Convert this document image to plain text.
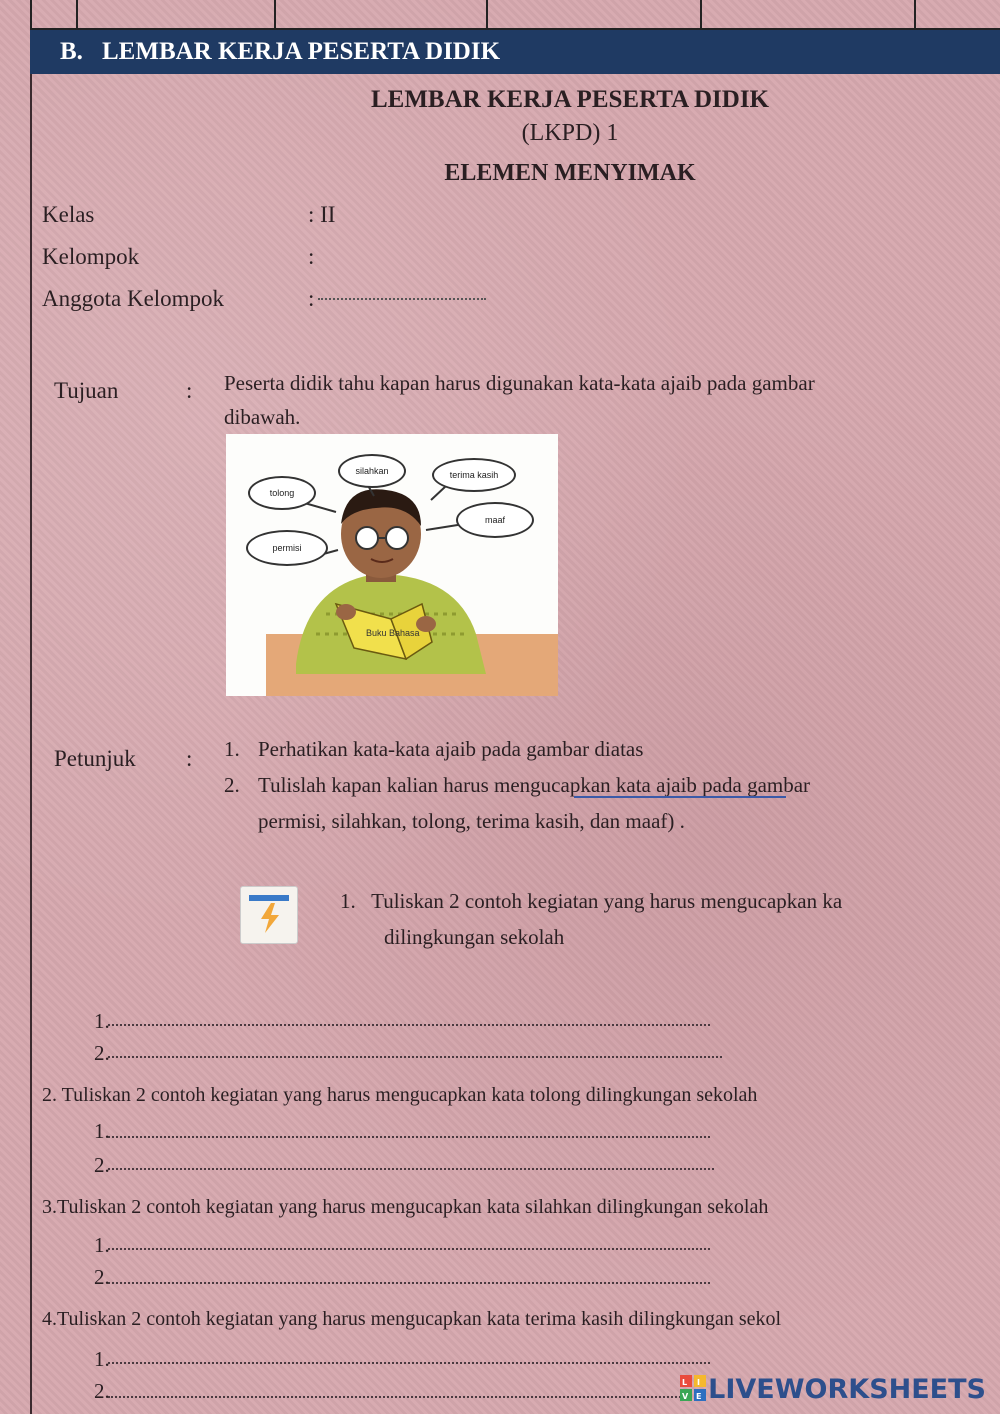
B. LEMBAR KERJA PESERTA DIDIK
LEMBAR KERJA PESERTA DIDIK
(LKPD) 1
ELEMEN MENYIMAK
Kelas	: II
Kelompok	:
Anggota Kelompok	:
Tujuan	: Peserta didik tahu kapan harus digunakan kata-kata ajaib pada gambar
dibawah.
Buku Bahasa
silahkan	terima kasih
tolong
maaf
permisi
Petunjuk : 1. Perhatikan kata-kata ajaib pada gambar diatas
2. Tulislah kapan kalian harus mengucapkan kata ajaib pada gambar
permisi, silahkan, tolong, terima kasih, dan maaf) .
1.   Tuliskan 2 contoh kegiatan yang harus mengucapkan ka
dilingkungan sekolah
1.
2.
2. Tuliskan 2 contoh kegiatan yang harus mengucapkan kata tolong dilingkungan sekolah
1.
2.
3.Tuliskan 2 contoh kegiatan yang harus mengucapkan kata silahkan dilingkungan sekolah
1.
2.
4.Tuliskan 2 contoh kegiatan yang harus mengucapkan kata terima kasih dilingkungan sekol
1.
2.	L I
V E LIVEWORKSHEETS
